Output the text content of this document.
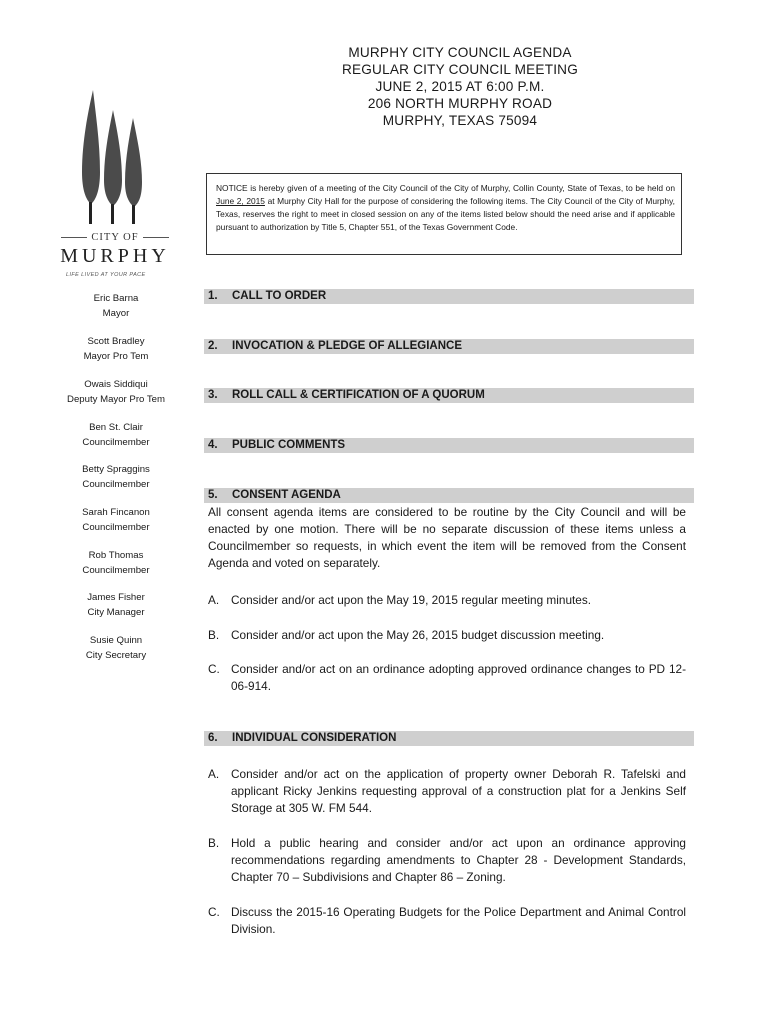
MURPHY CITY COUNCIL AGENDA
REGULAR CITY COUNCIL MEETING
JUNE 2, 2015 AT 6:00 P.M.
206 NORTH MURPHY ROAD
MURPHY, TEXAS 75094
CITY OF
MURPHY
LIFE LIVED AT YOUR PACE
NOTICE is hereby given of a meeting of the City Council of the City of Murphy, Collin County, State of Texas, to be held on June 2, 2015 at Murphy City Hall for the purpose of considering the following items. The City Council of the City of Murphy, Texas, reserves the right to meet in closed session on any of the items listed below should the need arise and if applicable pursuant to authorization by Title 5, Chapter 551, of the Texas Government Code.
Eric Barna
Mayor
Scott Bradley
Mayor Pro Tem
Owais Siddiqui
Deputy Mayor Pro Tem
Ben St. Clair
Councilmember
Betty Spraggins
Councilmember
Sarah Fincanon
Councilmember
Rob Thomas
Councilmember
James Fisher
City Manager
Susie Quinn
City Secretary
1. CALL TO ORDER
2. INVOCATION & PLEDGE OF ALLEGIANCE
3. ROLL CALL & CERTIFICATION OF A QUORUM
4. PUBLIC COMMENTS
5. CONSENT AGENDA
All consent agenda items are considered to be routine by the City Council and will be enacted by one motion. There will be no separate discussion of these items unless a Councilmember so requests, in which event the item will be removed from the Consent Agenda and voted on separately.
A. Consider and/or act upon the May 19, 2015 regular meeting minutes.
B. Consider and/or act upon the May 26, 2015 budget discussion meeting.
C. Consider and/or act on an ordinance adopting approved ordinance changes to PD 12-06-914.
6. INDIVIDUAL CONSIDERATION
A. Consider and/or act on the application of property owner Deborah R. Tafelski and applicant Ricky Jenkins requesting approval of a construction plat for a Jenkins Self Storage at 305 W. FM 544.
B. Hold a public hearing and consider and/or act upon an ordinance approving recommendations regarding amendments to Chapter 28 - Development Standards, Chapter 70 – Subdivisions and Chapter 86 – Zoning.
C. Discuss the 2015-16 Operating Budgets for the Police Department and Animal Control Division.
